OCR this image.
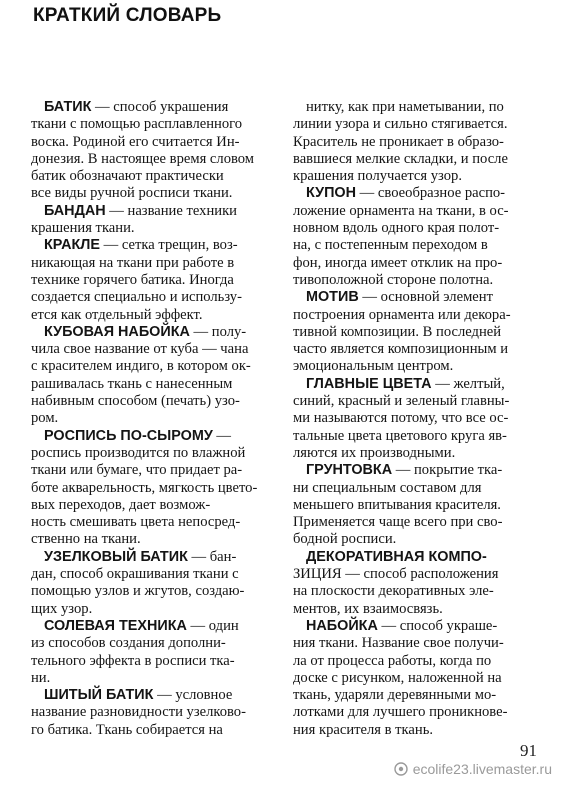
КРАТКИЙ СЛОВАРЬ
БАТИК — способ украшения
ткани с помощью расплавленного
воска. Родиной его считается Ин-
донезия. В настоящее время словом
батик обозначают практически
все виды ручной росписи ткани.
БАНДАН — название техники
крашения ткани.
КРАКЛЕ — сетка трещин, воз-
никающая на ткани при работе в
технике горячего батика. Иногда
создается специально и использу-
ется как отдельный эффект.
КУБОВАЯ НАБОЙКА — полу-
чила свое название от куба — чана
с красителем индиго, в котором ок-
рашивалась ткань с нанесенным
набивным способом (печать) узо-
ром.
РОСПИСЬ ПО-СЫРОМУ —
роспись производится по влажной
ткани или бумаге, что придает ра-
боте акварельность, мягкость цвето-
вых переходов, дает возмож-
ность смешивать цвета непосред-
ственно на ткани.
УЗЕЛКОВЫЙ БАТИК — бан-
дан, способ окрашивания ткани с
помощью узлов и жгутов, создаю-
щих узор.
СОЛЕВАЯ ТЕХНИКА — один
из способов создания дополни-
тельного эффекта в росписи тка-
ни.
ШИТЫЙ БАТИК — условное
название разновидности узелково-
го батика. Ткань собирается на
нитку, как при наметывании, по
линии узора и сильно стягивается.
Краситель не проникает в образо-
вавшиеся мелкие складки, и после
крашения получается узор.
КУПОН — своеобразное распо-
ложение орнамента на ткани, в ос-
новном вдоль одного края полот-
на, с постепенным переходом в
фон, иногда имеет отклик на про-
тивоположной стороне полотна.
МОТИВ — основной элемент
построения орнамента или декора-
тивной композиции. В последней
часто является композиционным и
эмоциональным центром.
ГЛАВНЫЕ ЦВЕТА — желтый,
синий, красный и зеленый главны-
ми называются потому, что все ос-
тальные цвета цветового круга яв-
ляются их производными.
ГРУНТОВКА — покрытие тка-
ни специальным составом для
меньшего впитывания красителя.
Применяется чаще всего при сво-
бодной росписи.
ДЕКОРАТИВНАЯ КОМПО-
ЗИЦИЯ — способ расположения
на плоскости декоративных эле-
ментов, их взаимосвязь.
НАБОЙКА — способ украше-
ния ткани. Название свое получи-
ла от процесса работы, когда по
доске с рисунком, наложенной на
ткань, ударяли деревянными мо-
лотками для лучшего проникнове-
ния красителя в ткань.
91
ecolife23.livemaster.ru
